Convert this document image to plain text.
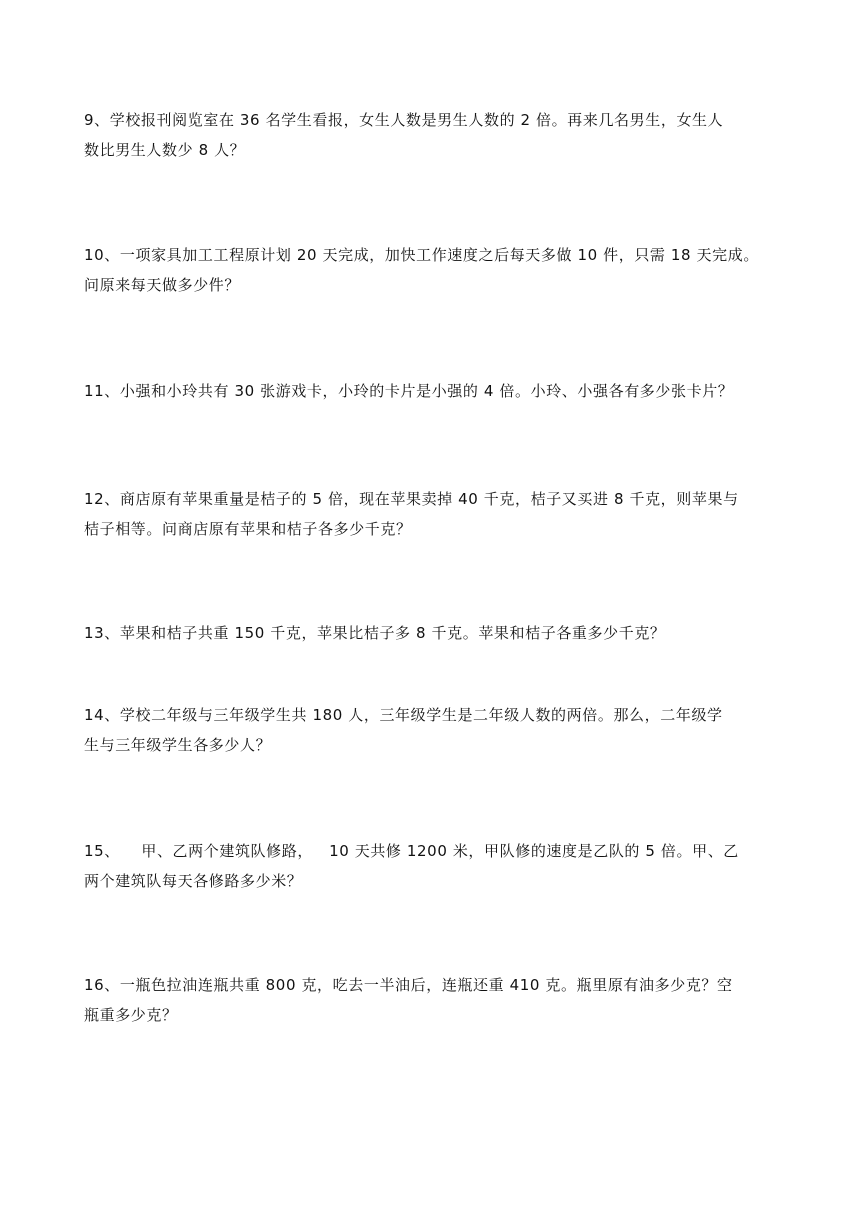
9、学校报刊阅览室在 36 名学生看报，女生人数是男生人数的 2 倍。再来几名男生，女生人
数比男生人数少 8 人？

10、一项家具加工工程原计划 20 天完成，加快工作速度之后每天多做 10 件，只需 18 天完成。
问原来每天做多少件？

11、小强和小玲共有 30 张游戏卡，小玲的卡片是小强的 4 倍。小玲、小强各有多少张卡片？

12、商店原有苹果重量是桔子的 5 倍，现在苹果卖掉 40 千克，桔子又买进 8 千克，则苹果与
桔子相等。问商店原有苹果和桔子各多少千克？

13、苹果和桔子共重 150 千克，苹果比桔子多 8 千克。苹果和桔子各重多少千克？

14、学校二年级与三年级学生共 180 人，三年级学生是二年级人数的两倍。那么，二年级学
生与三年级学生各多少人？

15、    甲、乙两个建筑队修路，   10 天共修 1200 米，甲队修的速度是乙队的 5 倍。甲、乙
两个建筑队每天各修路多少米？

16、一瓶色拉油连瓶共重 800 克，吃去一半油后，连瓶还重 410 克。瓶里原有油多少克？空
瓶重多少克？
